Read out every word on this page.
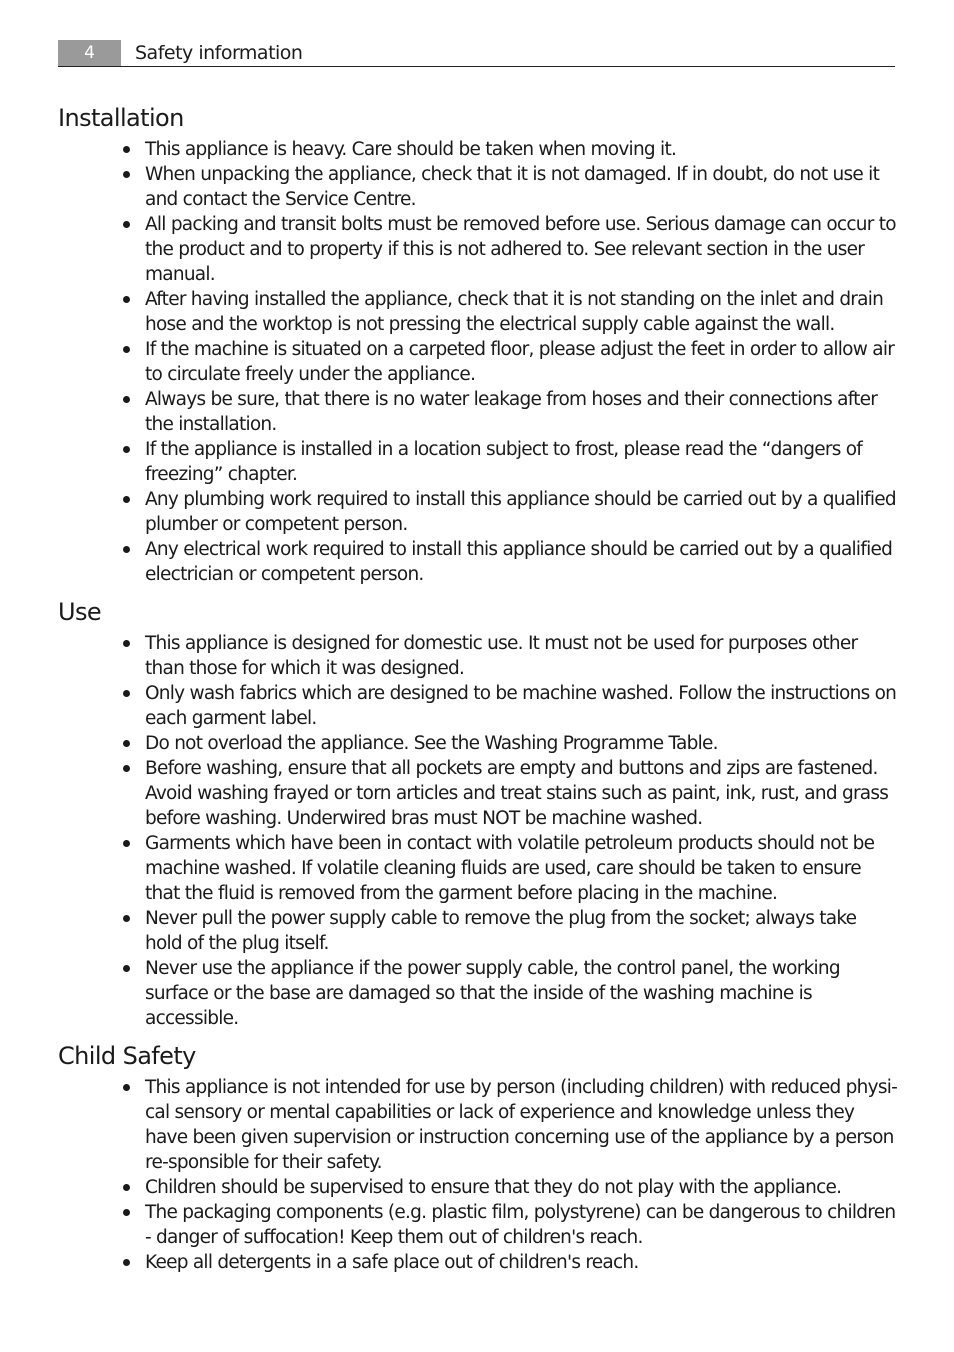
4	Safety information
Installation
This appliance is heavy. Care should be taken when moving it.
When unpacking the appliance, check that it is not damaged. If in doubt, do not use it and contact the Service Centre.
All packing and transit bolts must be removed before use. Serious damage can occur to the product and to property if this is not adhered to. See relevant section in the user manual.
After having installed the appliance, check that it is not standing on the inlet and drain hose and the worktop is not pressing the electrical supply cable against the wall.
If the machine is situated on a carpeted floor, please adjust the feet in order to allow air to circulate freely under the appliance.
Always be sure, that there is no water leakage from hoses and their connections after the installation.
If the appliance is installed in a location subject to frost, please read the “dangers of freezing” chapter.
Any plumbing work required to install this appliance should be carried out by a qualified plumber or competent person.
Any electrical work required to install this appliance should be carried out by a qualified electrician or competent person.
Use
This appliance is designed for domestic use. It must not be used for purposes other than those for which it was designed.
Only wash fabrics which are designed to be machine washed. Follow the instructions on each garment label.
Do not overload the appliance. See the Washing Programme Table.
Before washing, ensure that all pockets are empty and buttons and zips are fastened. Avoid washing frayed or torn articles and treat stains such as paint, ink, rust, and grass before washing. Underwired bras must NOT be machine washed.
Garments which have been in contact with volatile petroleum products should not be machine washed. If volatile cleaning fluids are used, care should be taken to ensure that the fluid is removed from the garment before placing in the machine.
Never pull the power supply cable to remove the plug from the socket; always take hold of the plug itself.
Never use the appliance if the power supply cable, the control panel, the working surface or the base are damaged so that the inside of the washing machine is accessible.
Child Safety
This appliance is not intended for use by person (including children) with reduced physi-cal sensory or mental capabilities or lack of experience and knowledge unless they have been given supervision or instruction concerning use of the appliance by a person re-sponsible for their safety.
Children should be supervised to ensure that they do not play with the appliance.
The packaging components (e.g. plastic film, polystyrene) can be dangerous to children - danger of suffocation! Keep them out of children's reach.
Keep all detergents in a safe place out of children's reach.
